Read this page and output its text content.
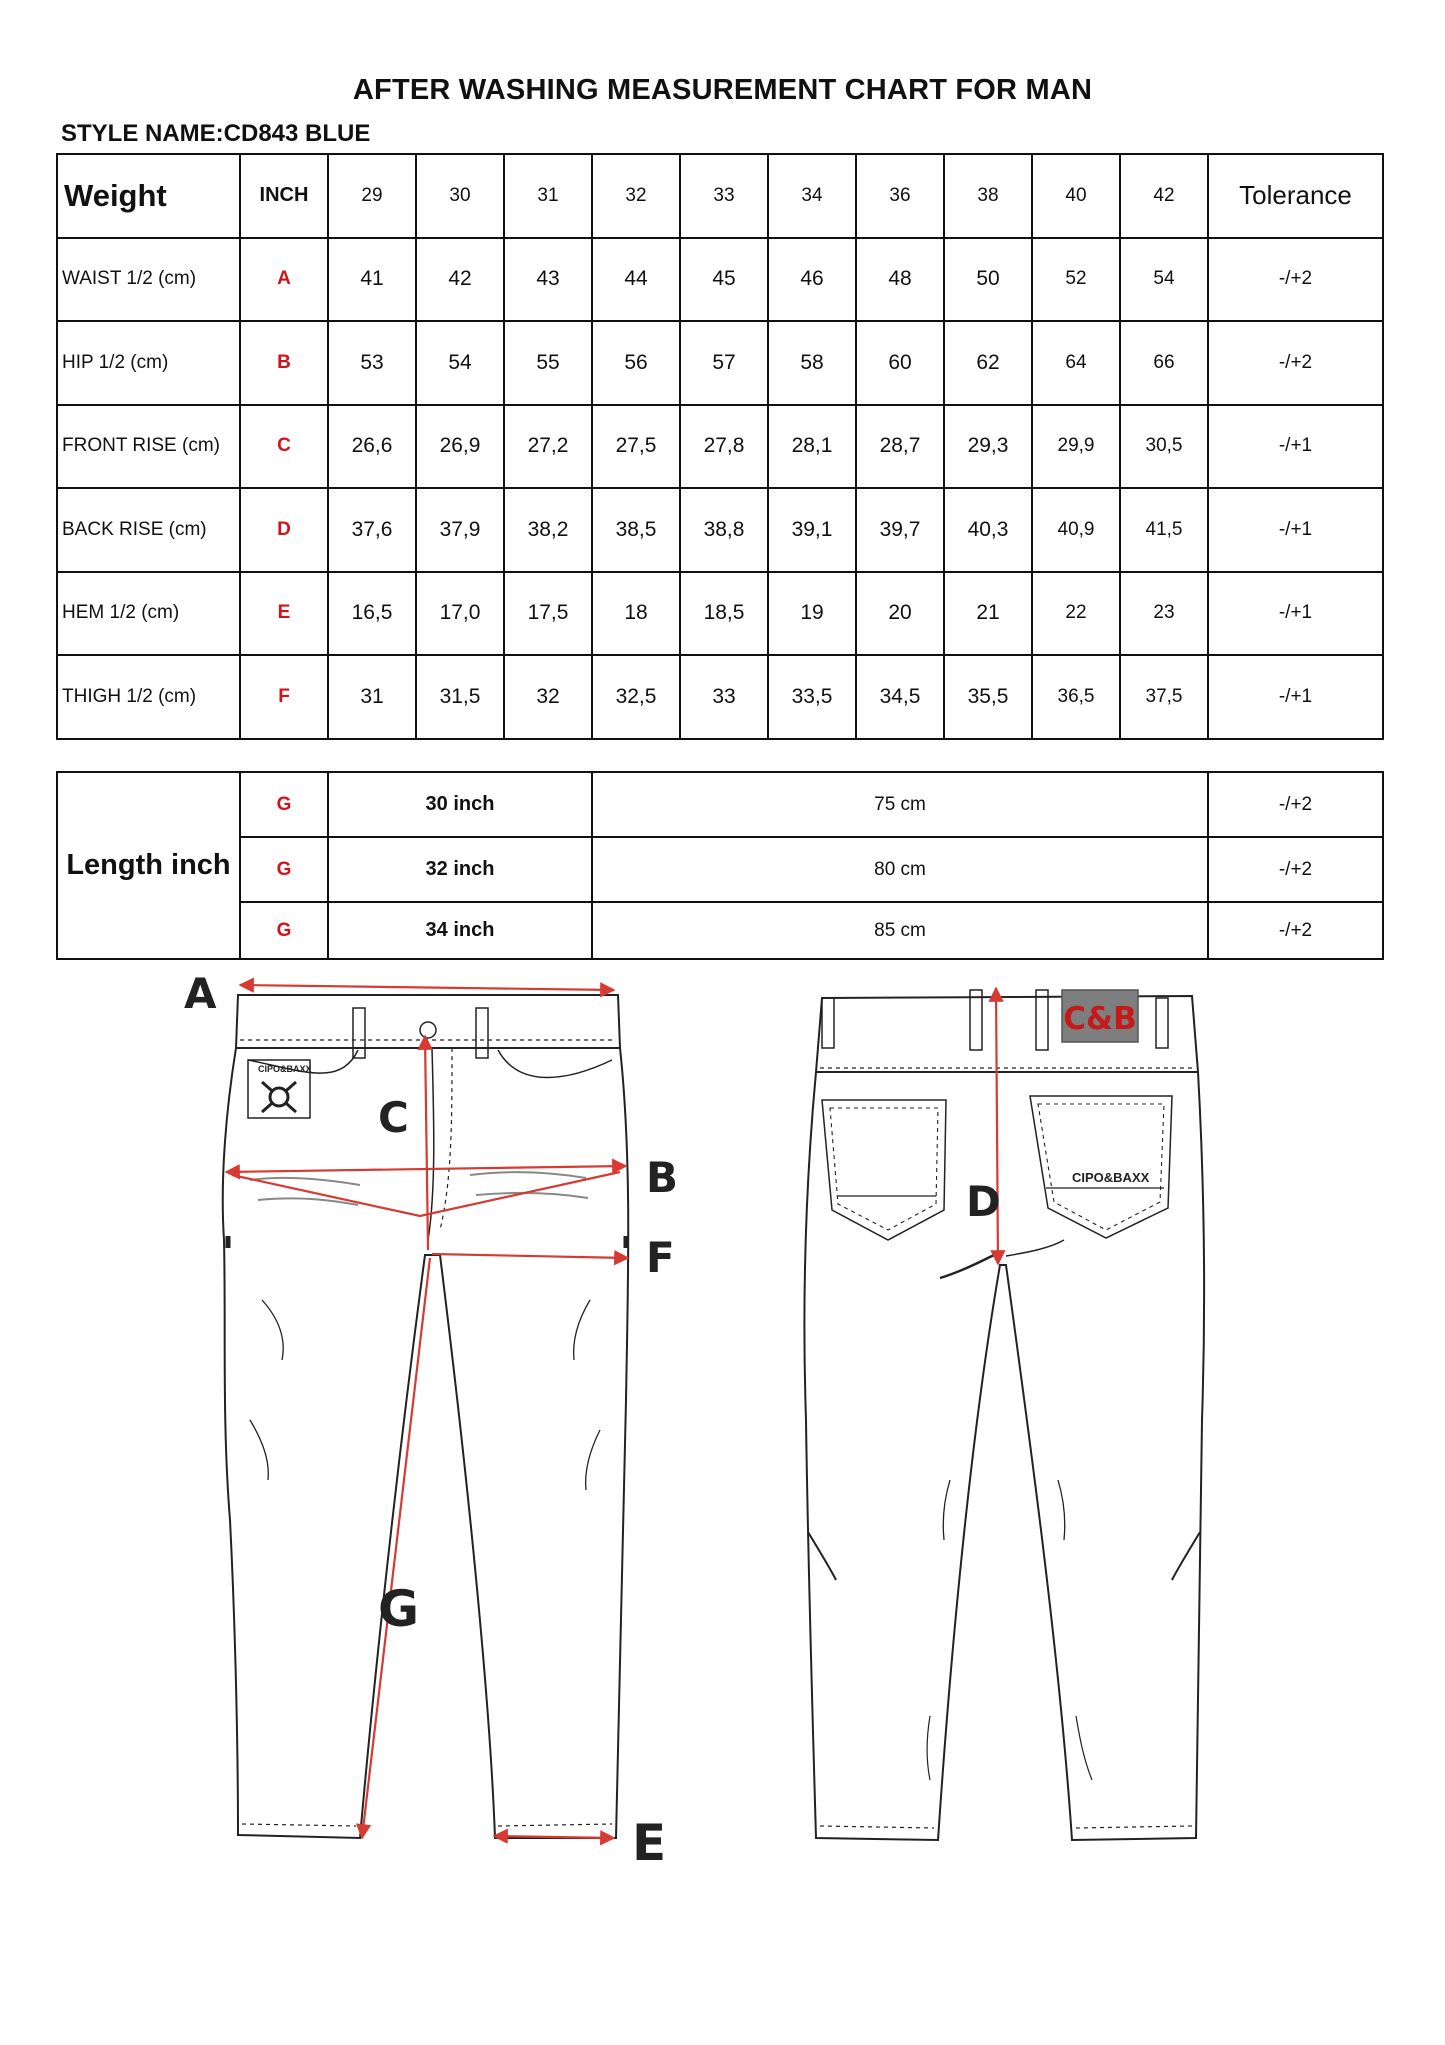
AFTER WASHING MEASUREMENT CHART FOR MAN
STYLE NAME:CD843 BLUE
Weight	INCH	29	30	31	32	33	34	36	38	40	42	Tolerance
WAIST 1/2 (cm)	A	41	42	43	44	45	46	48	50	52	54	-/+2
HIP 1/2 (cm)	B	53	54	55	56	57	58	60	62	64	66	-/+2
FRONT RISE (cm)	C	26,6	26,9	27,2	27,5	27,8	28,1	28,7	29,3	29,9	30,5	-/+1
BACK RISE (cm)	D	37,6	37,9	38,2	38,5	38,8	39,1	39,7	40,3	40,9	41,5	-/+1
HEM 1/2 (cm)	E	16,5	17,0	17,5	18	18,5	19	20	21	22	23	-/+1
THIGH 1/2 (cm)	F	31	31,5	32	32,5	33	33,5	34,5	35,5	36,5	37,5	-/+1
Length inch	G	30 inch	75 cm	-/+2
	G	32 inch	80 cm	-/+2
	G	34 inch	85 cm	-/+2
CIPO&BAXX
A
C
B
F
G
E
C&B
CIPO&BAXX
D
